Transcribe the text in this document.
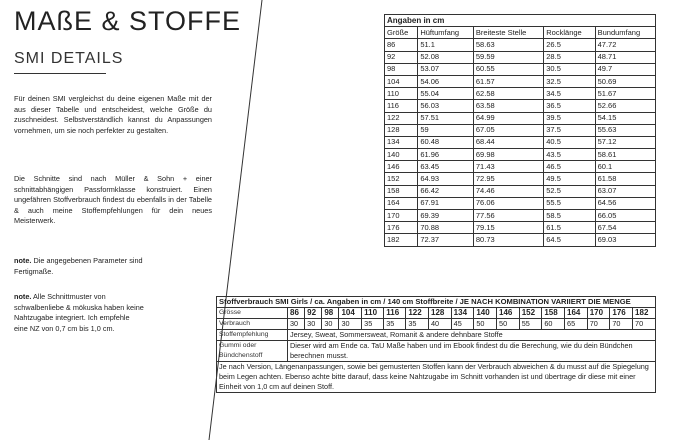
MAßE & STOFFE
SMI DETAILS
Für deinen SMI vergleichst du deine eigenen Maße mit der aus dieser Tabelle und entscheidest, welche Größe du zuschneidest. Selbstverständlich kannst du Anpassungen vornehmen, um sie noch perfekter zu gestalten.
Die Schnitte sind nach Müller & Sohn + einer schnittabhängigen Passformklasse konstruiert. Einen ungefähren Stoffverbrauch findest du ebenfalls in der Tabelle & auch meine Stoffempfehlungen für dein neues Meisterwerk.
note. Die angegebenen Parameter sind Fertigmaße.
note. Alle Schnittmuster von schwalbenliebe & mökuska haben keine Nahtzugabe integriert. Ich empfehle eine NZ von 0,7 cm bis 1,0 cm.
Angaben in cm				
Größe	Hüftumfang	Breiteste Stelle	Rocklänge	Bundumfang
86	51.1	58.63	26.5	47.72
92	52.08	59.59	28.5	48.71
98	53.07	60.55	30.5	49.7
104	54.06	61.57	32.5	50.69
110	55.04	62.58	34.5	51.67
116	56.03	63.58	36.5	52.66
122	57.51	64.99	39.5	54.15
128	59	67.05	37.5	55.63
134	60.48	68.44	40.5	57.12
140	61.96	69.98	43.5	58.61
146	63.45	71.43	46.5	60.1
152	64.93	72.95	49.5	61.58
158	66.42	74.46	52.5	63.07
164	67.91	76.06	55.5	64.56
170	69.39	77.56	58.5	66.05
176	70.88	79.15	61.5	67.54
182	72.37	80.73	64.5	69.03
Stoffverbrauch SMI Girls / ca. Angaben in cm / 140 cm Stoffbreite / JE NACH KOMBINATION VARIIERT DIE MENGE																	
Grösse	86	92	98	104	110	116	122	128	134	140	146	152	158	164	170	176	182
Verbrauch	30	30	30	30	35	35	35	40	45	50	50	55	60	65	70	70	70
Stoffempfehlung	Jersey, Sweat, Sommersweat, Romanit & andere dehnbare Stoffe																
Gummi oder Bündchenstoff	Dieser wird am Ende ca. TaU Maße haben und im Ebook findest du die Berechung, wie du dein Bündchen berechnen musst.																
Je nach Version, Längenanpassungen, sowie bei gemusterten Stoffen kann der Verbrauch abweichen & du musst auf die Spiegelung beim Legen achten. Ebenso achte bitte darauf, dass keine Nahtzugabe im Schnitt vorhanden ist und übertrage dir diese mit einer Einheit von 1,0 cm auf deinen Stoff.																	
